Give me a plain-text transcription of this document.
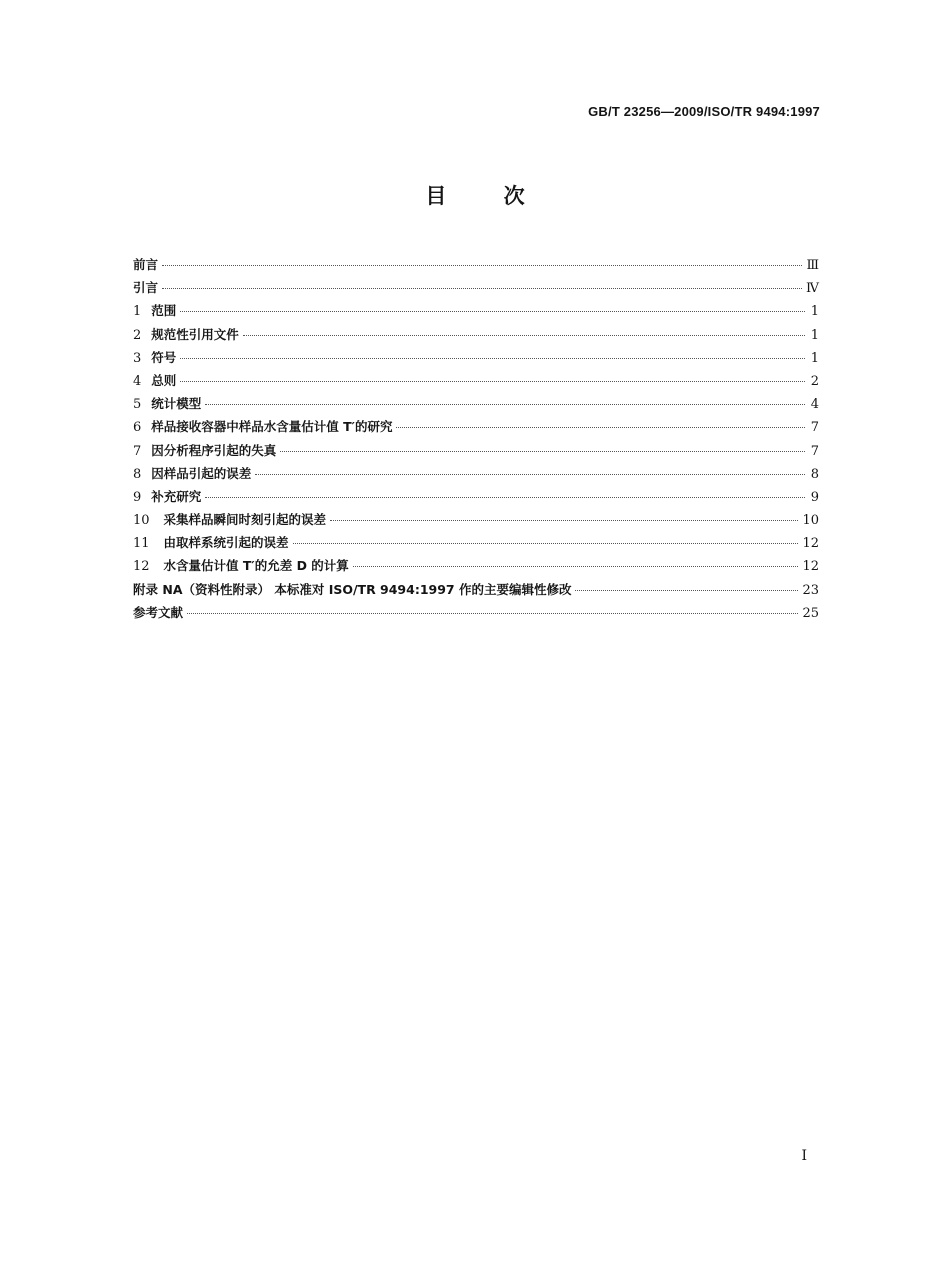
GB/T 23256—2009/ISO/TR 9494:1997
目	次
前言	Ⅲ
引言	Ⅳ
1 范围	1
2 规范性引用文件	1
3 符号	1
4 总则	2
5 统计模型	4
6 样品接收容器中样品水含量估计值 T′的研究	7
7 因分析程序引起的失真	7
8 因样品引起的误差	8
9 补充研究	9
10 采集样品瞬间时刻引起的误差	10
11 由取样系统引起的误差	12
12 水含量估计值 T′的允差 D 的计算	12
附录 NA（资料性附录） 本标准对 ISO/TR 9494:1997 作的主要编辑性修改	23
参考文献	25
I
